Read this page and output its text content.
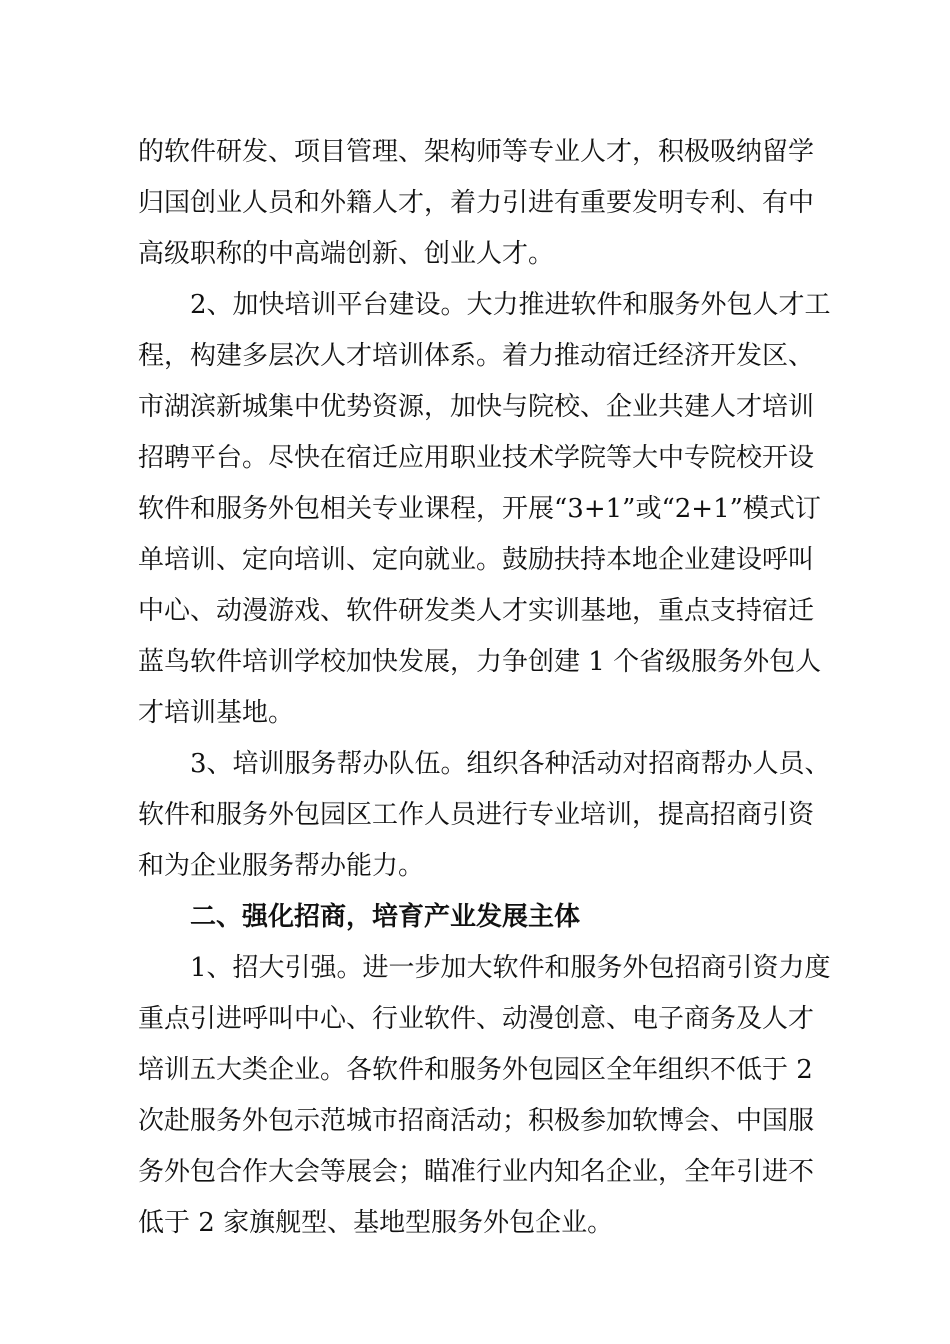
的软件研发、项目管理、架构师等专业人才，积极吸纳留学
归国创业人员和外籍人才，着力引进有重要发明专利、有中
高级职称的中高端创新、创业人才。
2、加快培训平台建设。大力推进软件和服务外包人才工
程，构建多层次人才培训体系。着力推动宿迁经济开发区、
市湖滨新城集中优势资源，加快与院校、企业共建人才培训
招聘平台。尽快在宿迁应用职业技术学院等大中专院校开设
软件和服务外包相关专业课程，开展“3+1”或“2+1”模式订
单培训、定向培训、定向就业。鼓励扶持本地企业建设呼叫
中心、动漫游戏、软件研发类人才实训基地，重点支持宿迁
蓝鸟软件培训学校加快发展，力争创建 1 个省级服务外包人
才培训基地。
3、培训服务帮办队伍。组织各种活动对招商帮办人员、
软件和服务外包园区工作人员进行专业培训，提高招商引资
和为企业服务帮办能力。
二、强化招商，培育产业发展主体
1、招大引强。进一步加大软件和服务外包招商引资力度
重点引进呼叫中心、行业软件、动漫创意、电子商务及人才
培训五大类企业。各软件和服务外包园区全年组织不低于 2
次赴服务外包示范城市招商活动；积极参加软博会、中国服
务外包合作大会等展会；瞄准行业内知名企业，全年引进不
低于 2 家旗舰型、基地型服务外包企业。
